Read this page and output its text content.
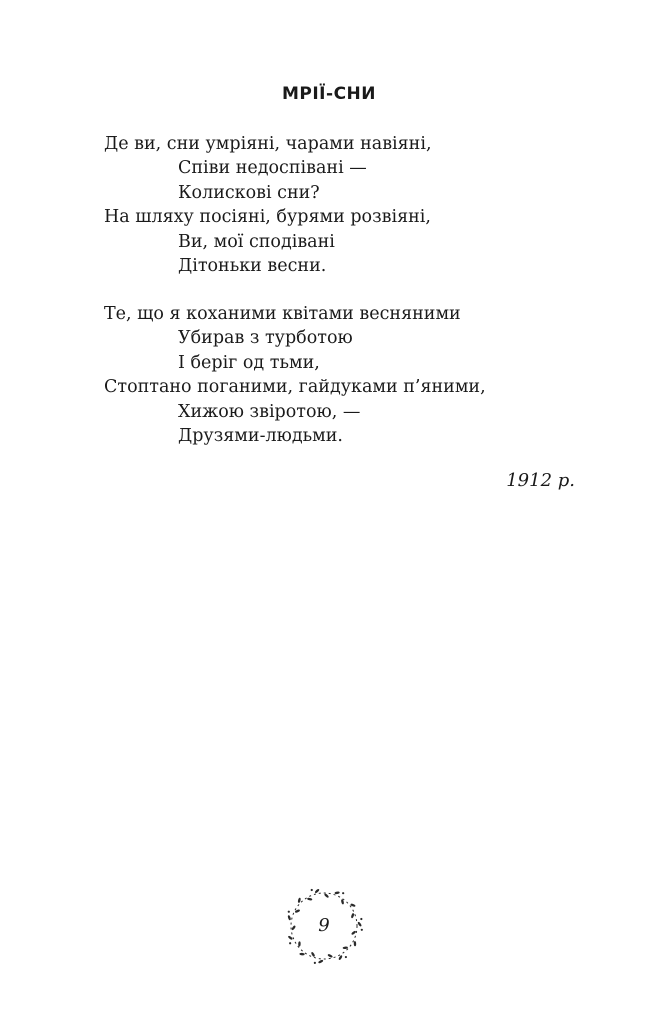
МРІЇ-СНИ
Де ви, сни умріяні, чарами навіяні,
Співи недоспівані —
Колискові сни?
На шляху посіяні, бурями розвіяні,
Ви, мої сподівані
Дітоньки весни.
Те, що я коханими квітами весняними
Убирав з турботою
І беріг од тьми,
Стоптано поганими, гайдуками п’яними,
Хижою звіротою, —
Друзями-людьми.

1912 р.

9
